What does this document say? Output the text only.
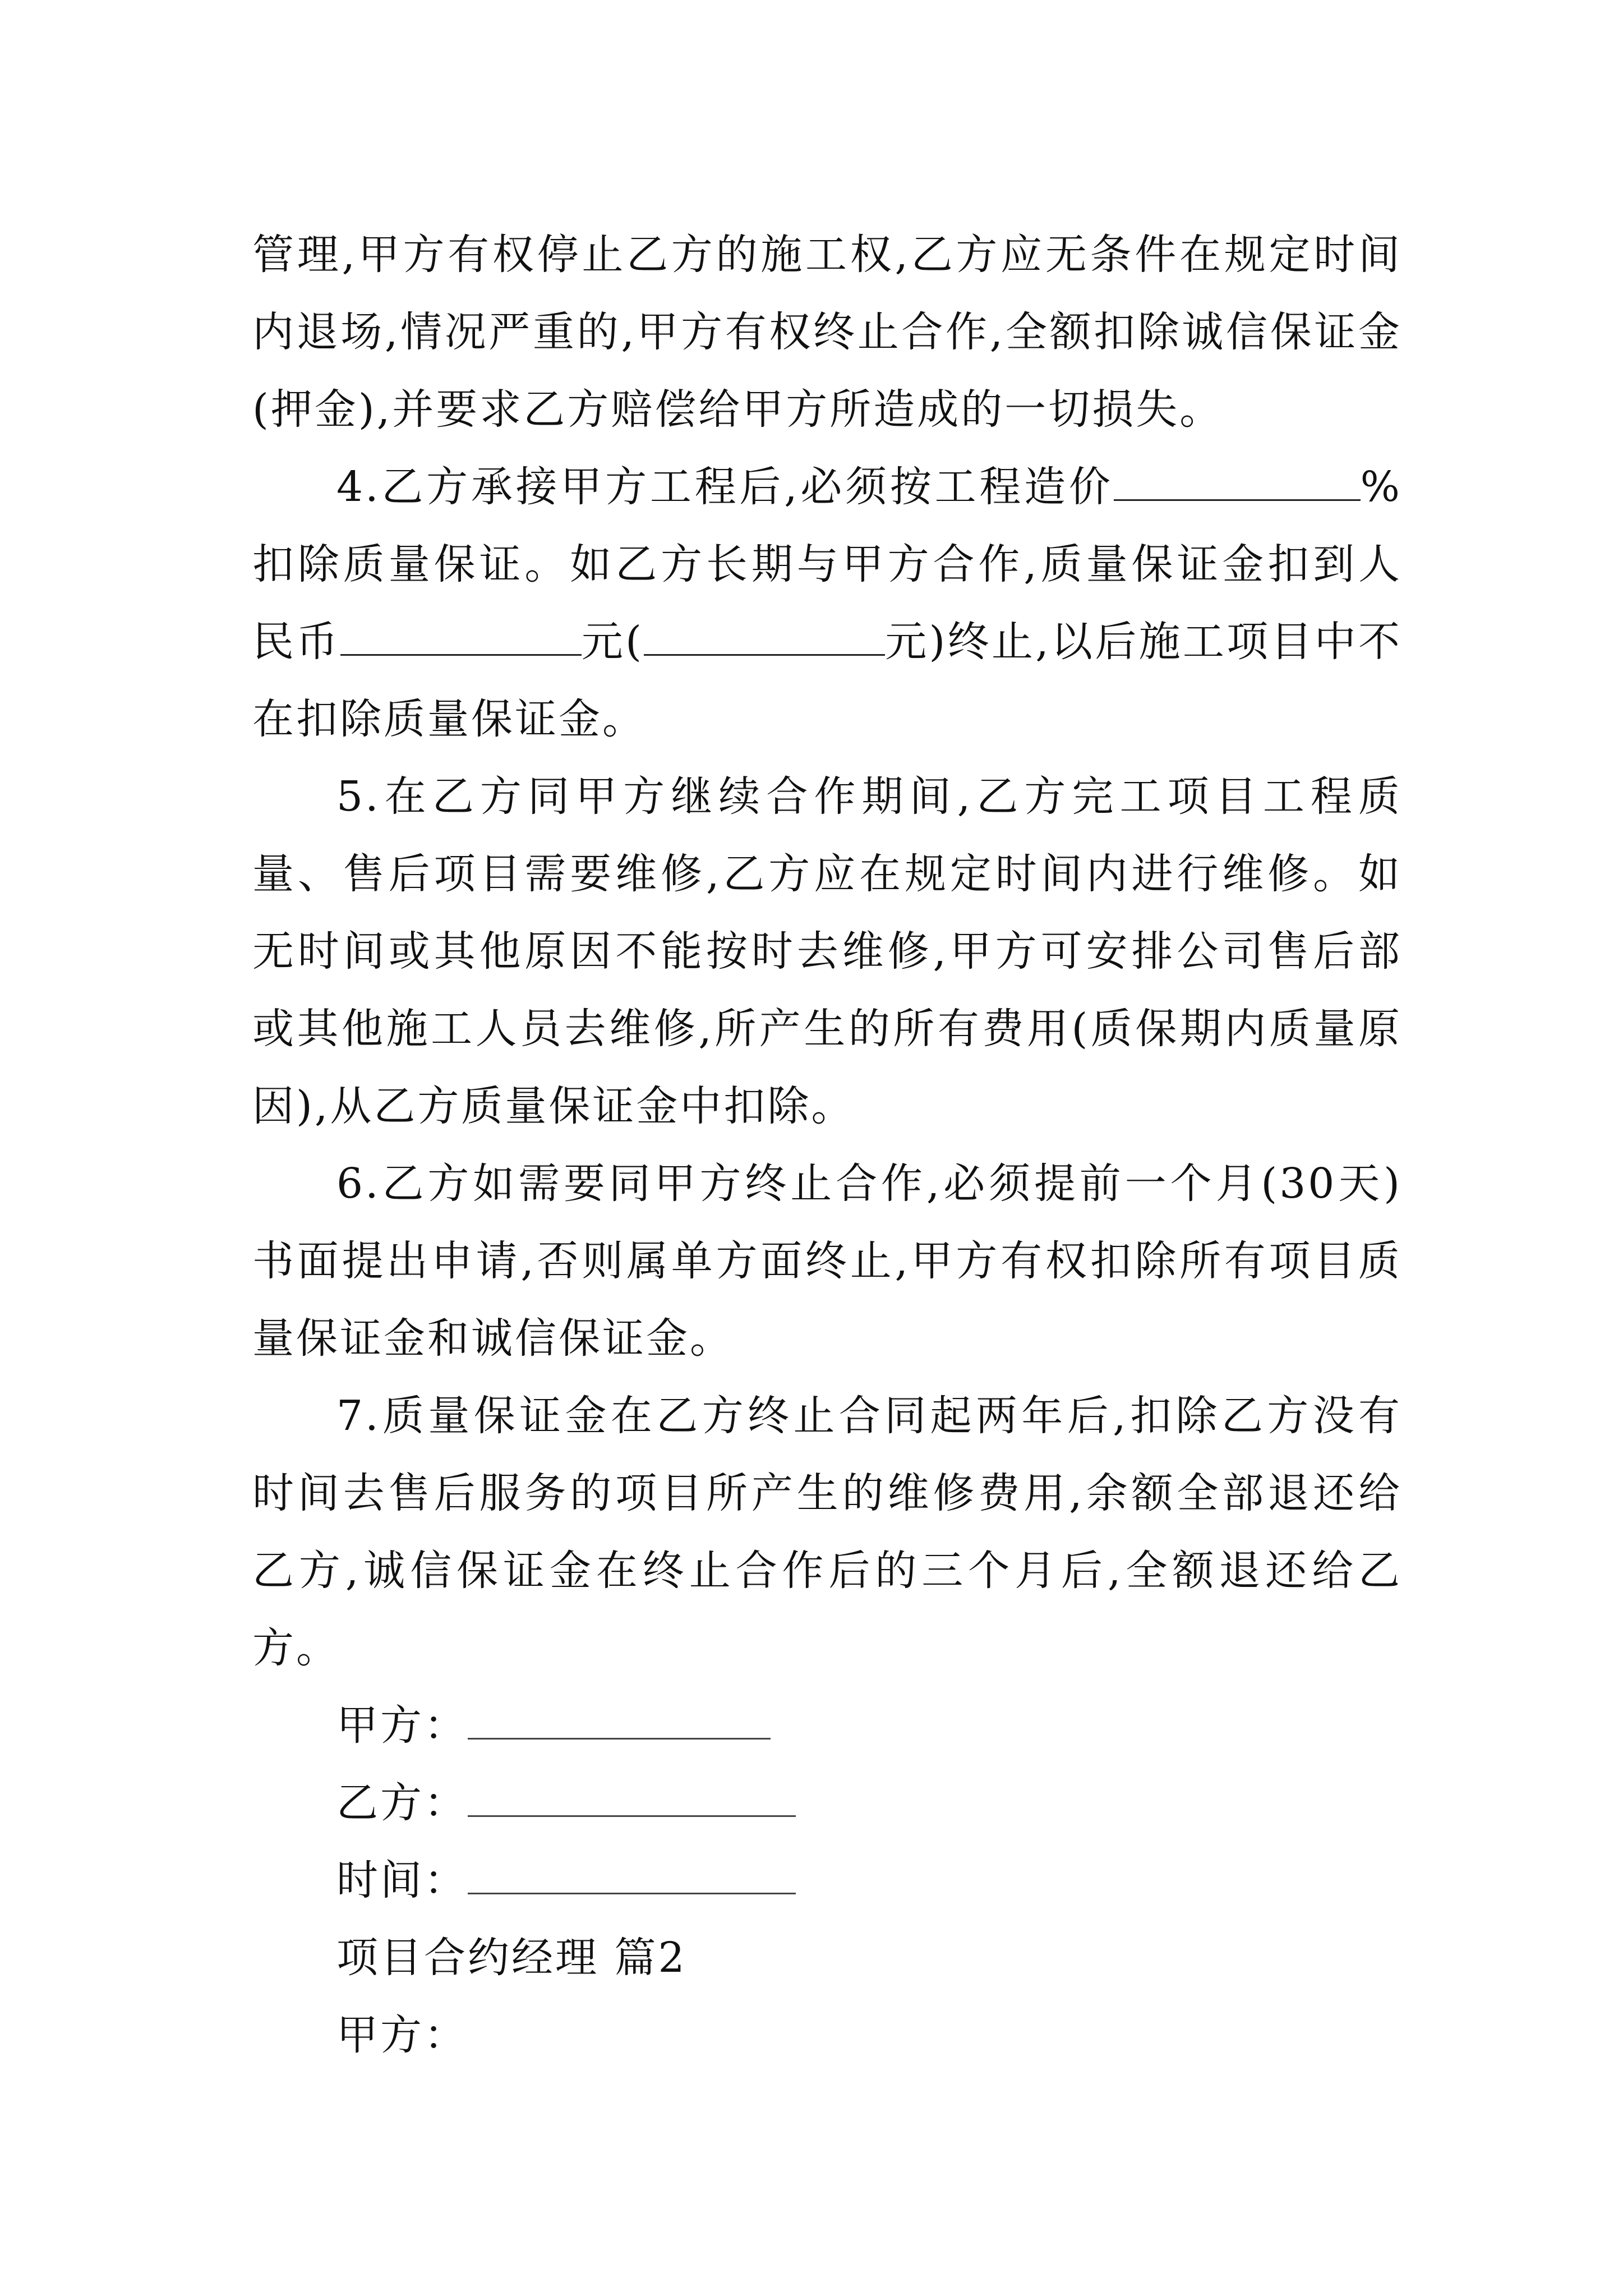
管理,甲方有权停止乙方的施工权,乙方应无条件在规定时间内退场,情况严重的,甲方有权终止合作,全额扣除诚信保证金(押金),并要求乙方赔偿给甲方所造成的一切损失。

4.乙方承接甲方工程后,必须按工程造价	%扣除质量保证。如乙方长期与甲方合作,质量保证金扣到人民币	元(	元)终止,以后施工项目中不在扣除质量保证金。

5.在乙方同甲方继续合作期间,乙方完工项目工程质量、售后项目需要维修,乙方应在规定时间内进行维修。如无时间或其他原因不能按时去维修,甲方可安排公司售后部或其他施工人员去维修,所产生的所有费用(质保期内质量原因),从乙方质量保证金中扣除。

6.乙方如需要同甲方终止合作,必须提前一个月(30天)书面提出申请,否则属单方面终止,甲方有权扣除所有项目质量保证金和诚信保证金。

7.质量保证金在乙方终止合同起两年后,扣除乙方没有时间去售后服务的项目所产生的维修费用,余额全部退还给乙方,诚信保证金在终止合作后的三个月后,全额退还给乙方。

甲方：

乙方：

时间：

项目合约经理 篇2

甲方：
